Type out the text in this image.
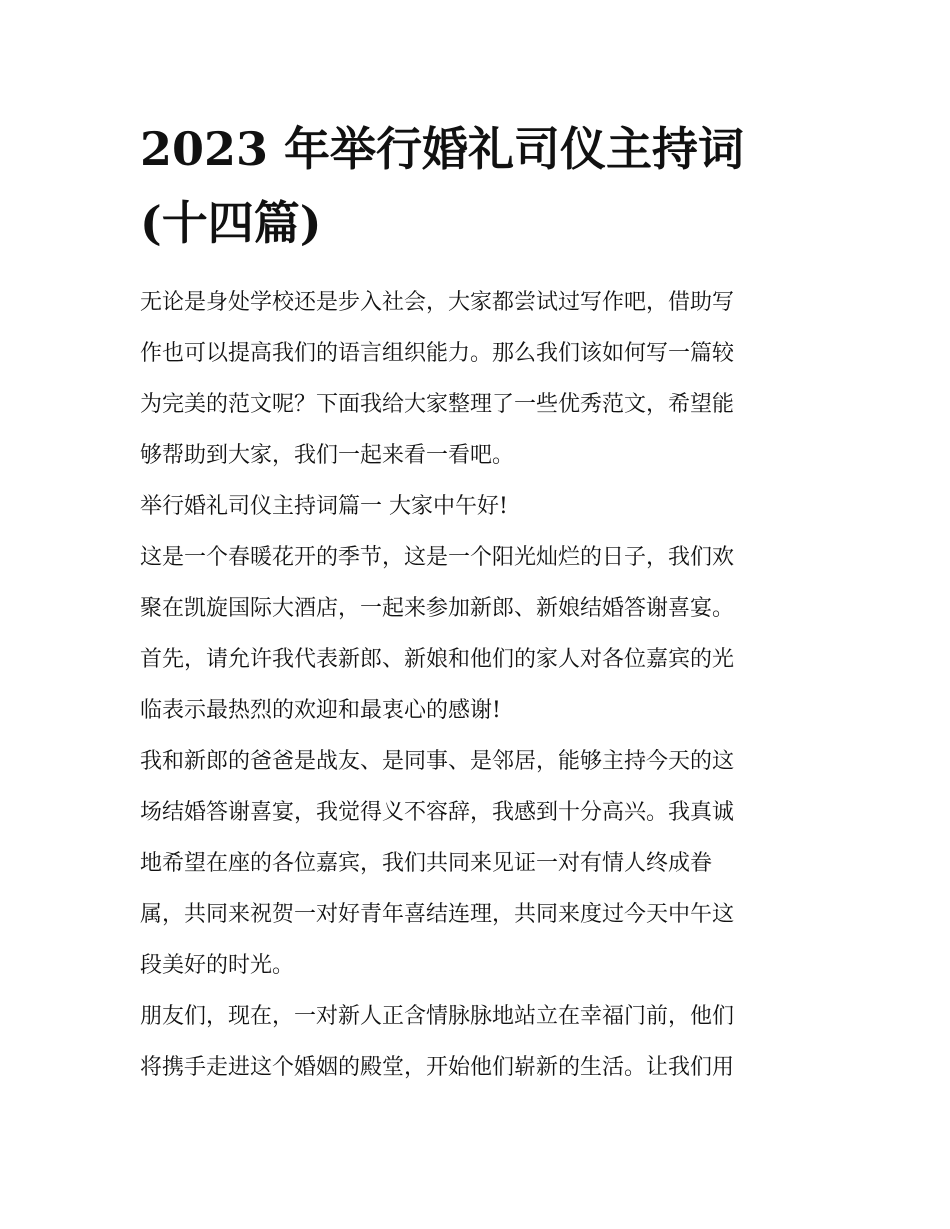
2023 年举行婚礼司仪主持词
(十四篇)

无论是身处学校还是步入社会，大家都尝试过写作吧，借助写
作也可以提高我们的语言组织能力。那么我们该如何写一篇较
为完美的范文呢？下面我给大家整理了一些优秀范文，希望能
够帮助到大家，我们一起来看一看吧。

举行婚礼司仪主持词篇一 大家中午好!

这是一个春暖花开的季节，这是一个阳光灿烂的日子，我们欢
聚在凯旋国际大酒店，一起来参加新郎、新娘结婚答谢喜宴。

首先，请允许我代表新郎、新娘和他们的家人对各位嘉宾的光
临表示最热烈的欢迎和最衷心的感谢!

我和新郎的爸爸是战友、是同事、是邻居，能够主持今天的这
场结婚答谢喜宴，我觉得义不容辞，我感到十分高兴。我真诚
地希望在座的各位嘉宾，我们共同来见证一对有情人终成眷
属，共同来祝贺一对好青年喜结连理，共同来度过今天中午这
段美好的时光。

朋友们，现在，一对新人正含情脉脉地站立在幸福门前，他们
将携手走进这个婚姻的殿堂，开始他们崭新的生活。让我们用
